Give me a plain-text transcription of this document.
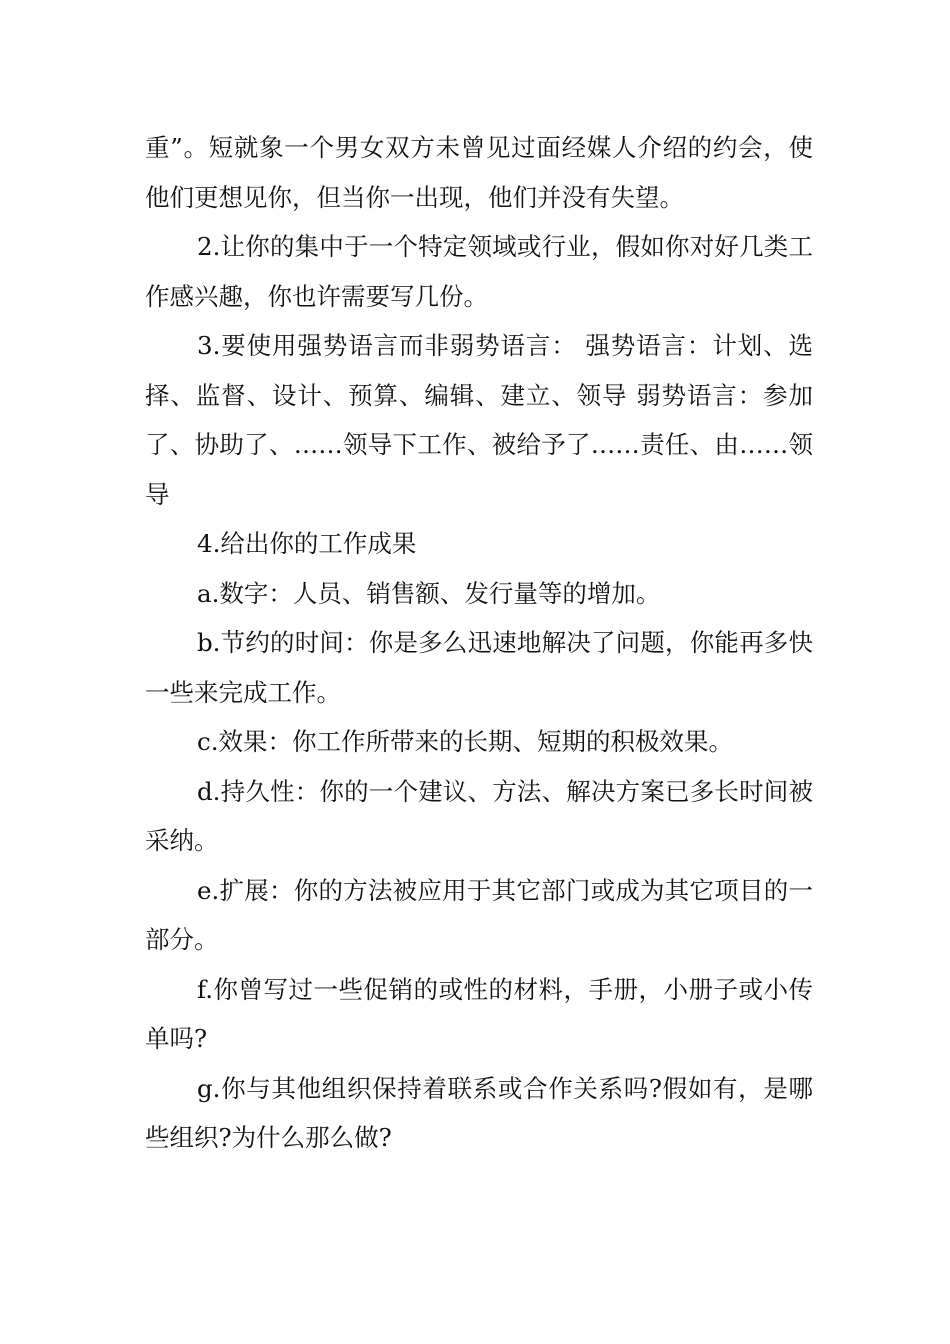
重”。短就象一个男女双方未曾见过面经媒人介绍的约会，使他们更想见你，但当你一出现，他们并没有失望。

2.让你的集中于一个特定领域或行业，假如你对好几类工作感兴趣，你也许需要写几份。

3.要使用强势语言而非弱势语言： 强势语言：计划、选择、监督、设计、预算、编辑、建立、领导 弱势语言：参加了、协助了、……领导下工作、被给予了……责任、由……领导

4.给出你的工作成果

a.数字：人员、销售额、发行量等的增加。

b.节约的时间：你是多么迅速地解决了问题，你能再多快一些来完成工作。

c.效果：你工作所带来的长期、短期的积极效果。

d.持久性：你的一个建议、方法、解决方案已多长时间被采纳。

e.扩展：你的方法被应用于其它部门或成为其它项目的一部分。

f.你曾写过一些促销的或性的材料，手册，小册子或小传单吗?

g.你与其他组织保持着联系或合作关系吗?假如有，是哪些组织?为什么那么做?
